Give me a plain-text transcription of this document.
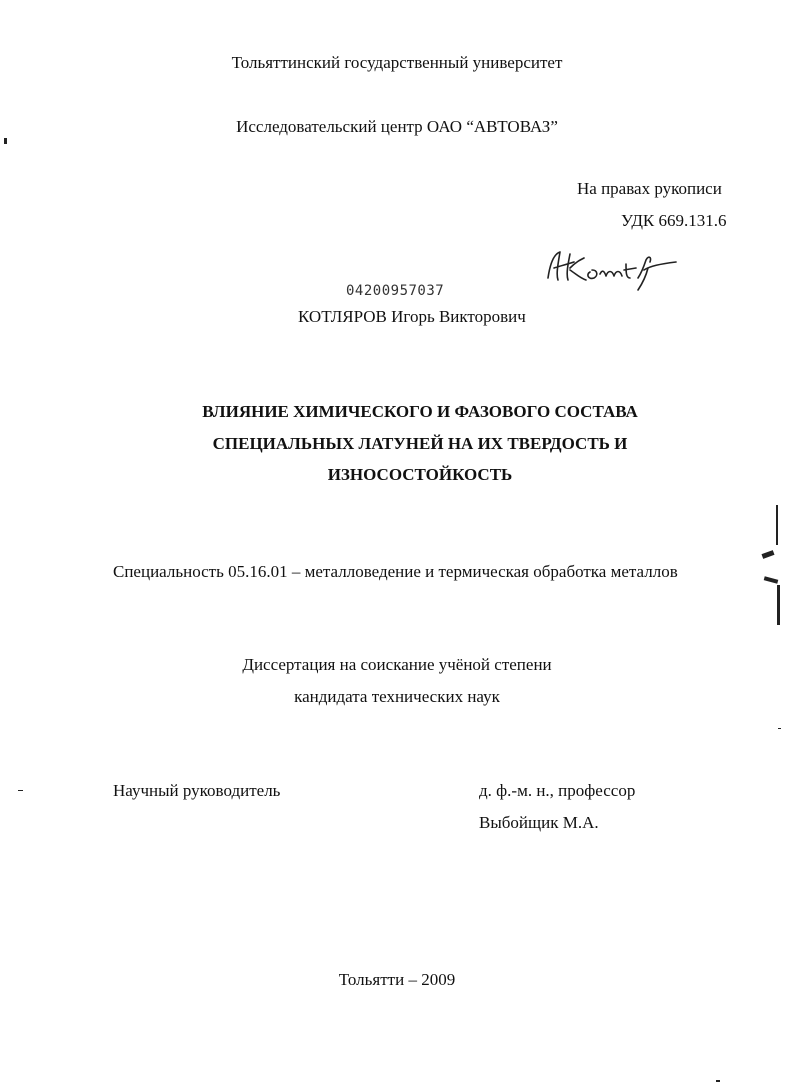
Тольяттинский государственный университет
Исследовательский центр ОАО “АВТОВАЗ”
На правах рукописи
УДК 669.131.6
04200957037
КОТЛЯРОВ Игорь Викторович
ВЛИЯНИЕ ХИМИЧЕСКОГО И ФАЗОВОГО СОСТАВА
СПЕЦИАЛЬНЫХ ЛАТУНЕЙ НА ИХ ТВЕРДОСТЬ И
ИЗНОСОСТОЙКОСТЬ
Специальность 05.16.01 – металловедение и термическая обработка металлов
Диссертация на соискание учёной степени
кандидата технических наук
Научный руководитель	д. ф.-м. н., профессор
Выбойщик М.А.
Тольятти – 2009
